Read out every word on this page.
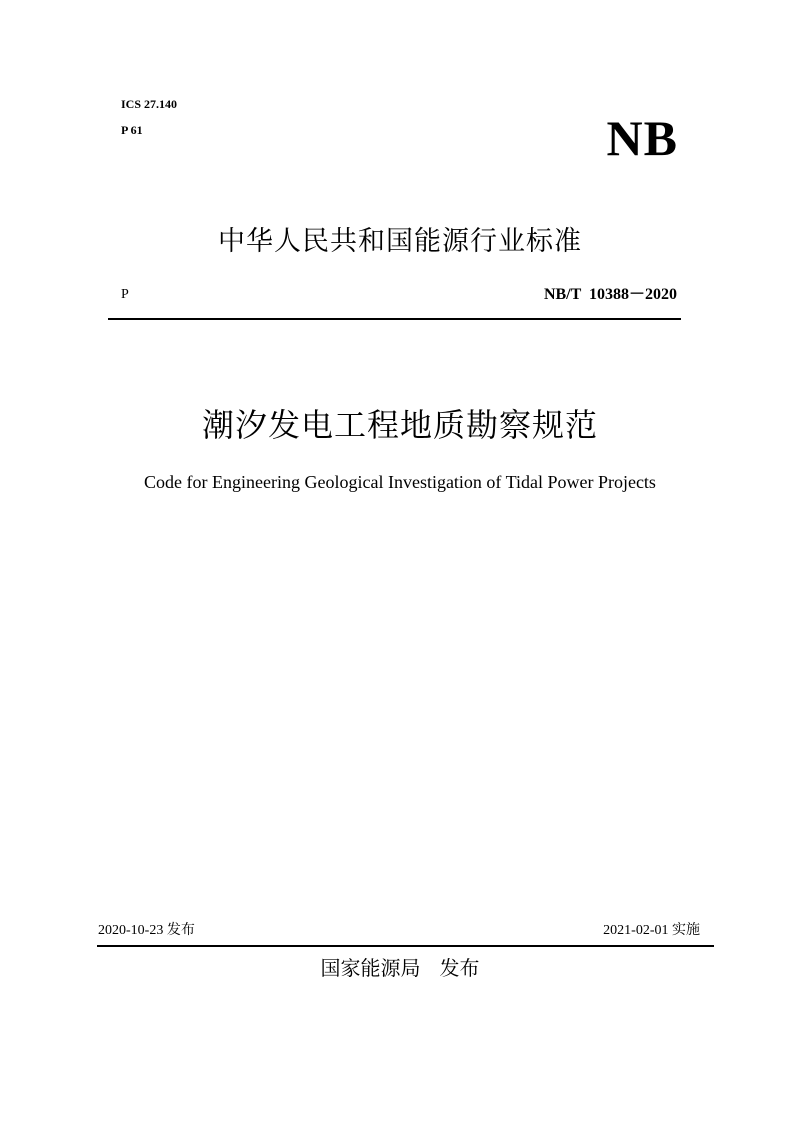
ICS 27.140
P 61	NB
中华人民共和国能源行业标准
P	NB/T  10388－2020
潮汐发电工程地质勘察规范
Code for Engineering Geological Investigation of Tidal Power Projects
2020-10-23 发布	2021-02-01 实施
国家能源局 发布
